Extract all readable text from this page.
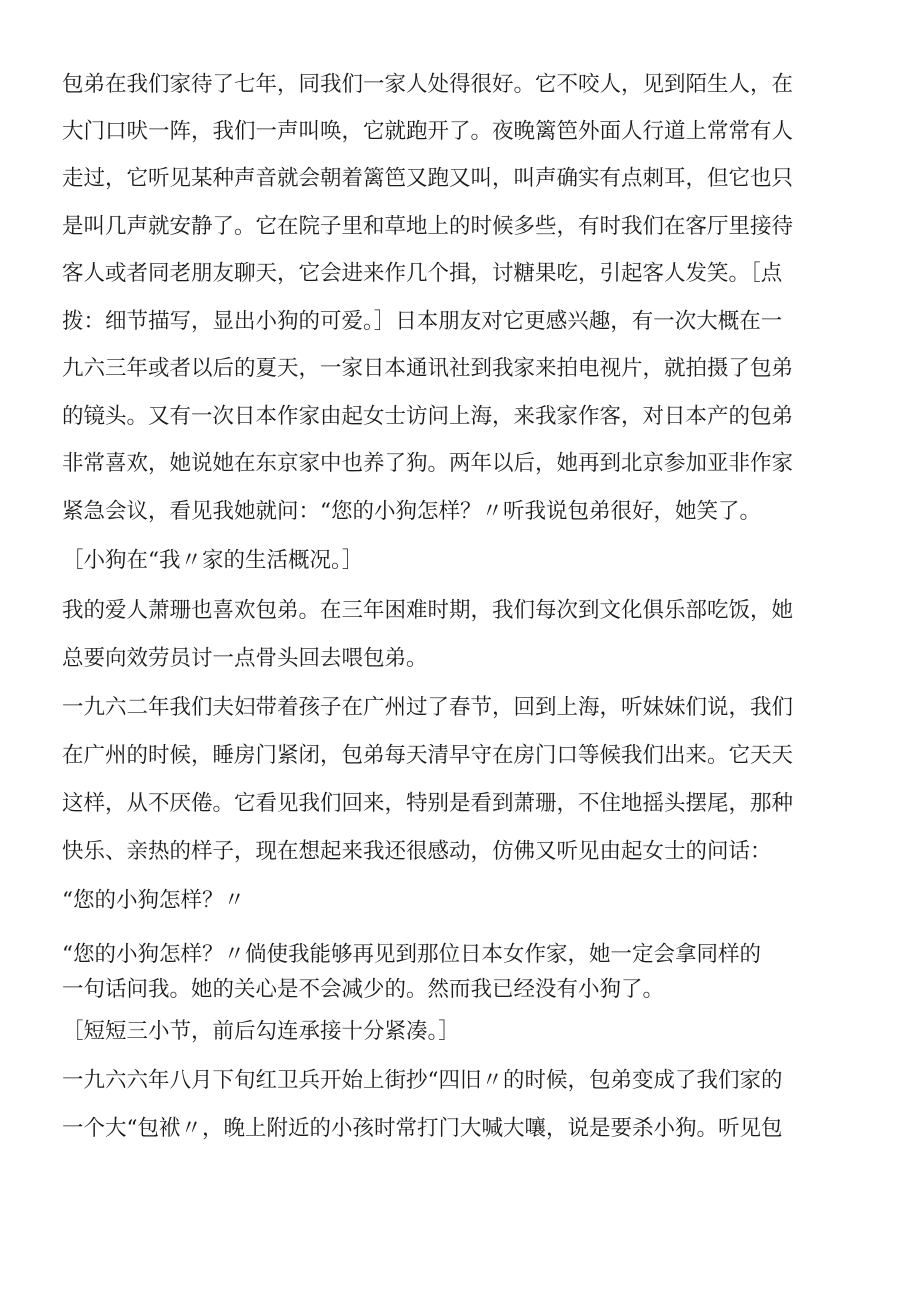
包弟在我们家待了七年，同我们一家人处得很好。它不咬人，见到陌生人，在
大门口吠一阵，我们一声叫唤，它就跑开了。夜晚篱笆外面人行道上常常有人
走过，它听见某种声音就会朝着篱笆又跑又叫，叫声确实有点刺耳，但它也只
是叫几声就安静了。它在院子里和草地上的时候多些，有时我们在客厅里接待
客人或者同老朋友聊天，它会进来作几个揖，讨糖果吃，引起客人发笑。［点
拨：细节描写，显出小狗的可爱。］日本朋友对它更感兴趣，有一次大概在一
九六三年或者以后的夏天，一家日本通讯社到我家来拍电视片，就拍摄了包弟
的镜头。又有一次日本作家由起女士访问上海，来我家作客，对日本产的包弟
非常喜欢，她说她在东京家中也养了狗。两年以后，她再到北京参加亚非作家
紧急会议，看见我她就问：“您的小狗怎样？〃听我说包弟很好，她笑了。
［小狗在“我〃家的生活概况。］
我的爱人萧珊也喜欢包弟。在三年困难时期，我们每次到文化俱乐部吃饭，她
总要向效劳员讨一点骨头回去喂包弟。
一九六二年我们夫妇带着孩子在广州过了春节，回到上海，听妹妹们说，我们
在广州的时候，睡房门紧闭，包弟每天清早守在房门口等候我们出来。它天天
这样，从不厌倦。它看见我们回来，特别是看到萧珊，不住地摇头摆尾，那种
快乐、亲热的样子，现在想起来我还很感动，仿佛又听见由起女士的问话：
“您的小狗怎样？〃
“您的小狗怎样？〃倘使我能够再见到那位日本女作家，她一定会拿同样的
一句话问我。她的关心是不会减少的。然而我已经没有小狗了。
［短短三小节，前后勾连承接十分紧凑。］
一九六六年八月下旬红卫兵开始上街抄“四旧〃的时候，包弟变成了我们家的
一个大“包袱〃，晚上附近的小孩时常打门大喊大嚷，说是要杀小狗。听见包
